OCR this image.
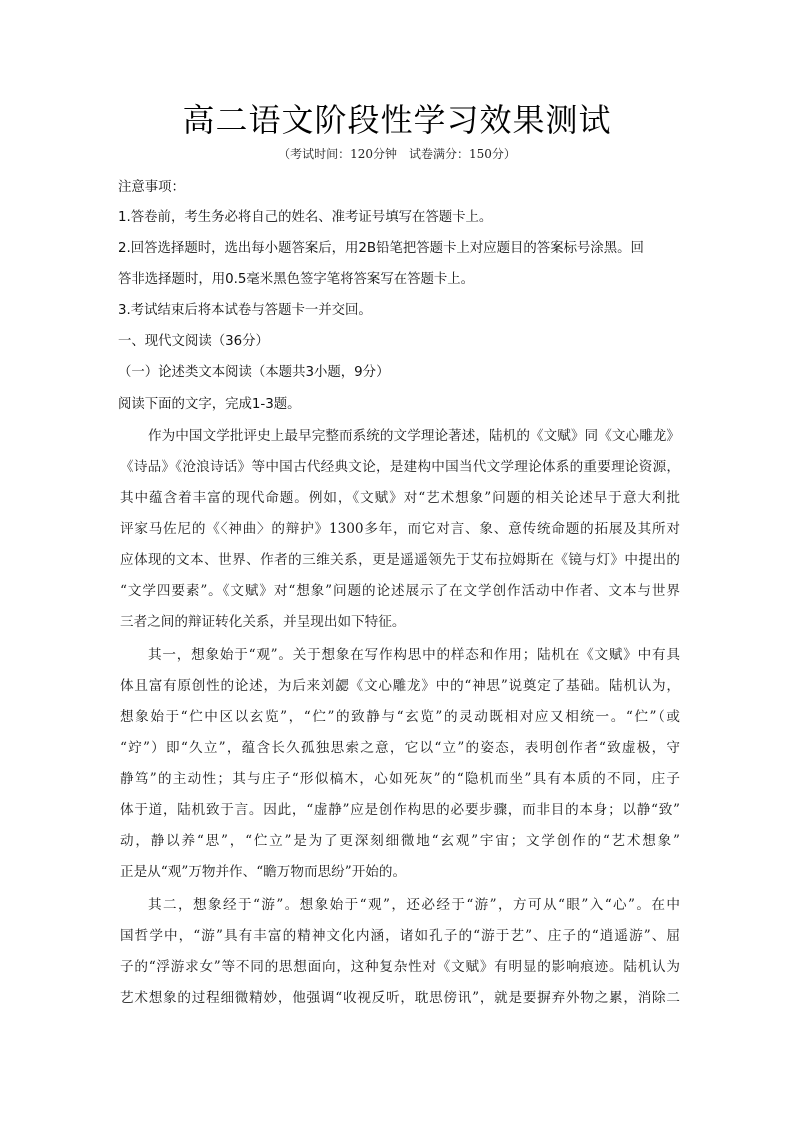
高二语文阶段性学习效果测试
（考试时间：120分钟　试卷满分：150分）
注意事项：
1.答卷前，考生务必将自己的姓名、准考证号填写在答题卡上。
2.回答选择题时，选出每小题答案后，用2B铅笔把答题卡上对应题目的答案标号涂黑。回
答非选择题时，用0.5毫米黑色签字笔将答案写在答题卡上。
3.考试结束后将本试卷与答题卡一并交回。
一、现代文阅读（36分）
（一）论述类文本阅读（本题共3小题，9分）
阅读下面的文字，完成1-3题。
作为中国文学批评史上最早完整而系统的文学理论著述，陆机的《文赋》同《文心雕龙》
《诗品》《沧浪诗话》等中国古代经典文论，是建构中国当代文学理论体系的重要理论资源，
其中蕴含着丰富的现代命题。例如，《文赋》对“艺术想象”问题的相关论述早于意大利批
评家马佐尼的《〈神曲〉的辩护》1300多年，而它对言、象、意传统命题的拓展及其所对
应体现的文本、世界、作者的三维关系，更是遥遥领先于艾布拉姆斯在《镜与灯》中提出的
“文学四要素”。《文赋》对“想象”问题的论述展示了在文学创作活动中作者、文本与世界
三者之间的辩证转化关系，并呈现出如下特征。
其一，想象始于“观”。关于想象在写作构思中的样态和作用；陆机在《文赋》中有具
体且富有原创性的论述，为后来刘勰《文心雕龙》中的“神思”说奠定了基础。陆机认为，
想象始于“伫中区以玄览”，“伫”的致静与“玄览”的灵动既相对应又相统一。“伫”（或
“竚”）即“久立”，蕴含长久孤独思索之意，它以“立”的姿态，表明创作者“致虚极，守
静笃”的主动性；其与庄子“形似槁木，心如死灰”的“隐机而坐”具有本质的不同，庄子
体于道，陆机致于言。因此，“虚静”应是创作构思的必要步骤，而非目的本身；以静“致”
动，静以养“思”，“伫立”是为了更深刻细微地“玄观”宇宙；文学创作的“艺术想象”
正是从“观”万物并作、“瞻万物而思纷”开始的。
其二，想象经于“游”。想象始于“观”，还必经于“游”，方可从“眼”入“心”。在中
国哲学中，“游”具有丰富的精神文化内涵，诸如孔子的“游于艺”、庄子的“逍遥游”、屈
子的“浮游求女”等不同的思想面向，这种复杂性对《文赋》有明显的影响痕迹。陆机认为
艺术想象的过程细微精妙，他强调“收视反听，耽思傍讯”，就是要摒弃外物之累，消除二
